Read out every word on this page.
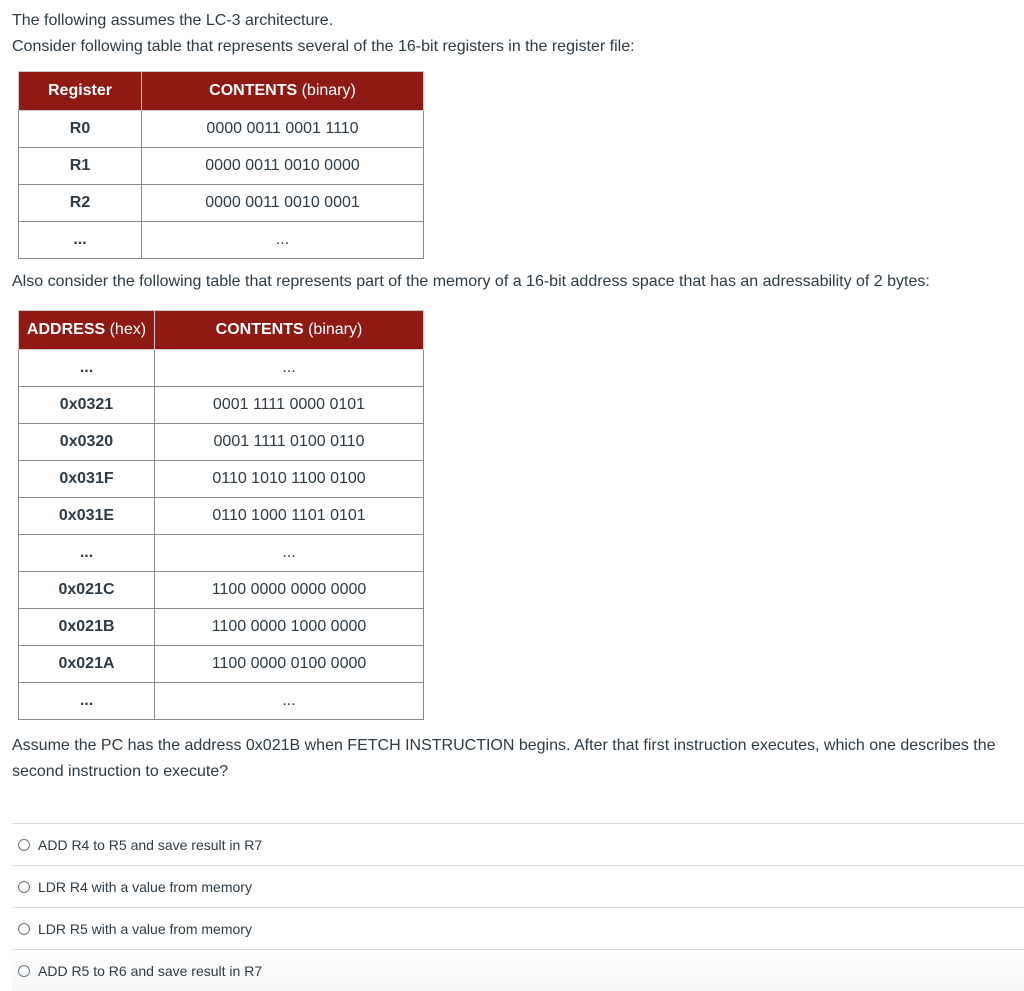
The following assumes the LC-3 architecture.

Consider following table that represents several of the 16-bit registers in the register file:

Register	CONTENTS (binary)
R0	0000 0011 0001 1110
R1	0000 0011 0010 0000
R2	0000 0011 0010 0001
...	...

Also consider the following table that represents part of the memory of a 16-bit address space that has an adressability of 2 bytes:

ADDRESS (hex)	CONTENTS (binary)
...	...
0x0321	0001 1111 0000 0101
0x0320	0001 1111 0100 0110
0x031F	0110 1010 1100 0100
0x031E	0110 1000 1101 0101
...	...
0x021C	1100 0000 0000 0000
0x021B	1100 0000 1000 0000
0x021A	1100 0000 0100 0000
...	...

Assume the PC has the address 0x021B when FETCH INSTRUCTION begins. After that first instruction executes, which one describes the second instruction to execute?

ADD R4 to R5 and save result in R7
LDR R4 with a value from memory
LDR R5 with a value from memory
ADD R5 to R6 and save result in R7
